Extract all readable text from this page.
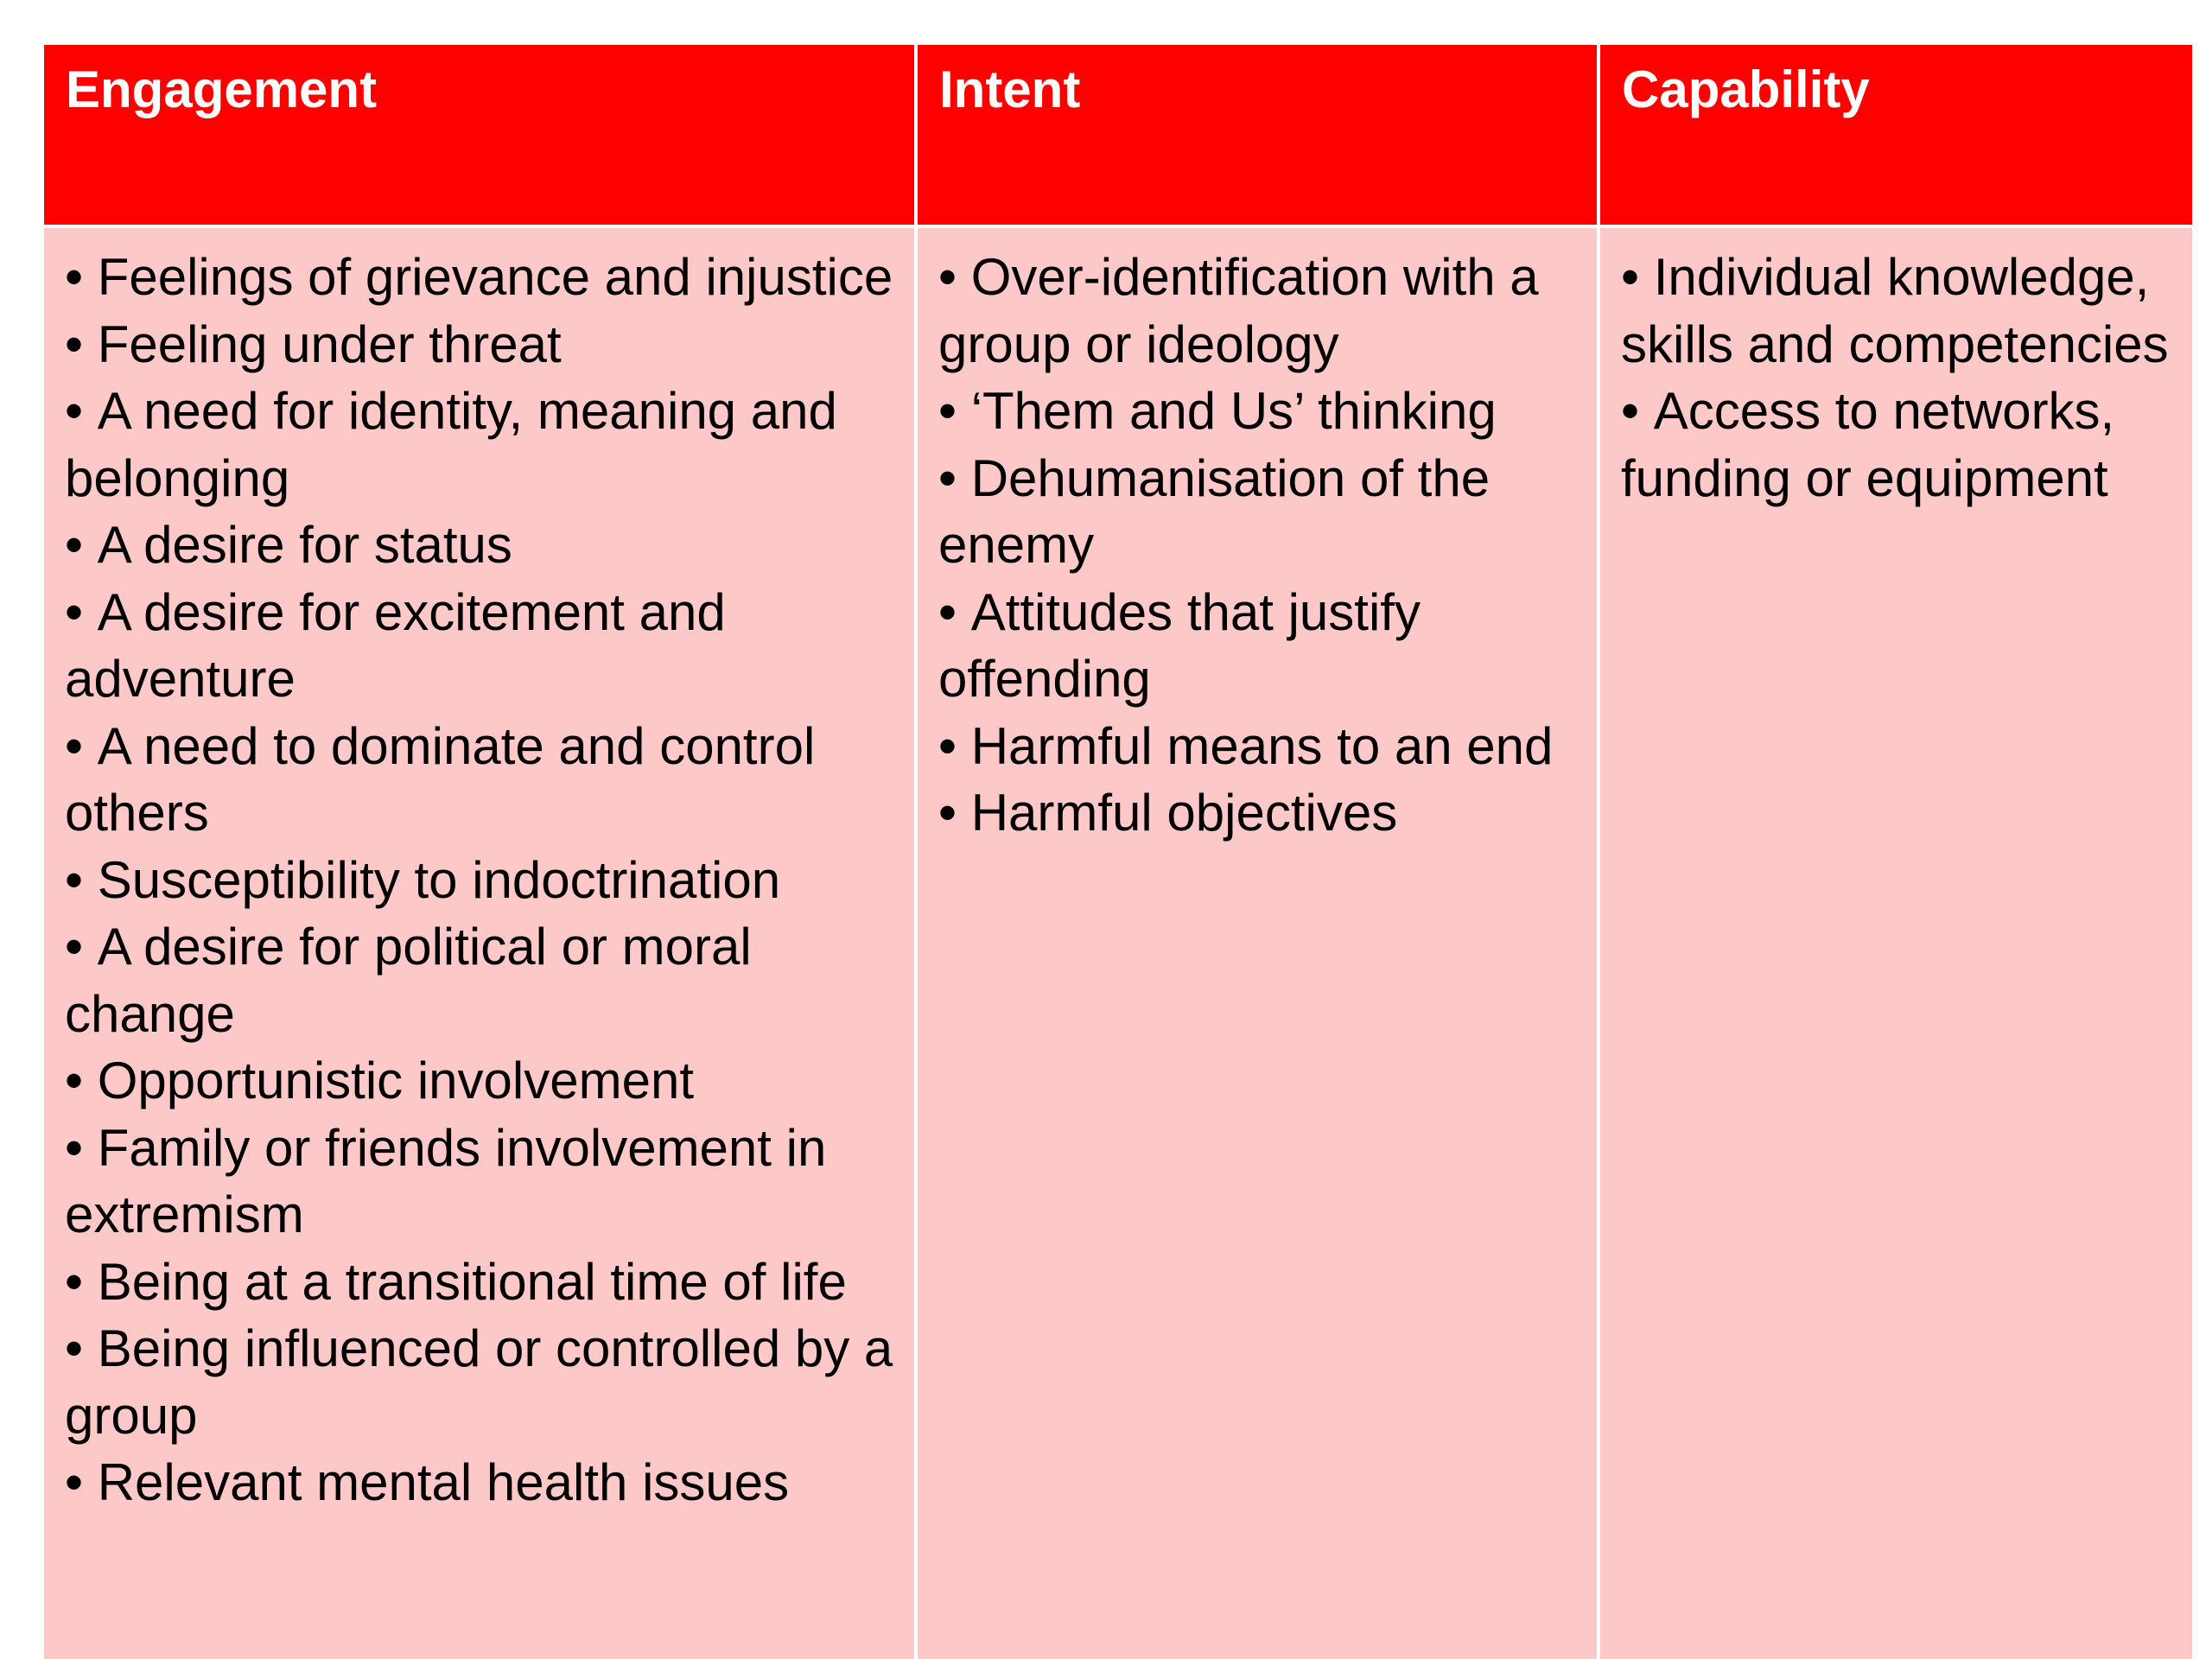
Engagement	Intent	Capability
• Feelings of grievance and injustice
• Feeling under threat
• A need for identity, meaning and belonging
• A desire for status
• A desire for excitement and adventure
• A need to dominate and control others
• Susceptibility to indoctrination
• A desire for political or moral change
• Opportunistic involvement
• Family or friends involvement in extremism
• Being at a transitional time of life
• Being influenced or controlled by a group
• Relevant mental health issues
• Over-identification with a group or ideology
• ‘Them and Us’ thinking
• Dehumanisation of the enemy
• Attitudes that justify offending
• Harmful means to an end
• Harmful objectives
• Individual knowledge, skills and competencies
• Access to networks, funding or equipment
